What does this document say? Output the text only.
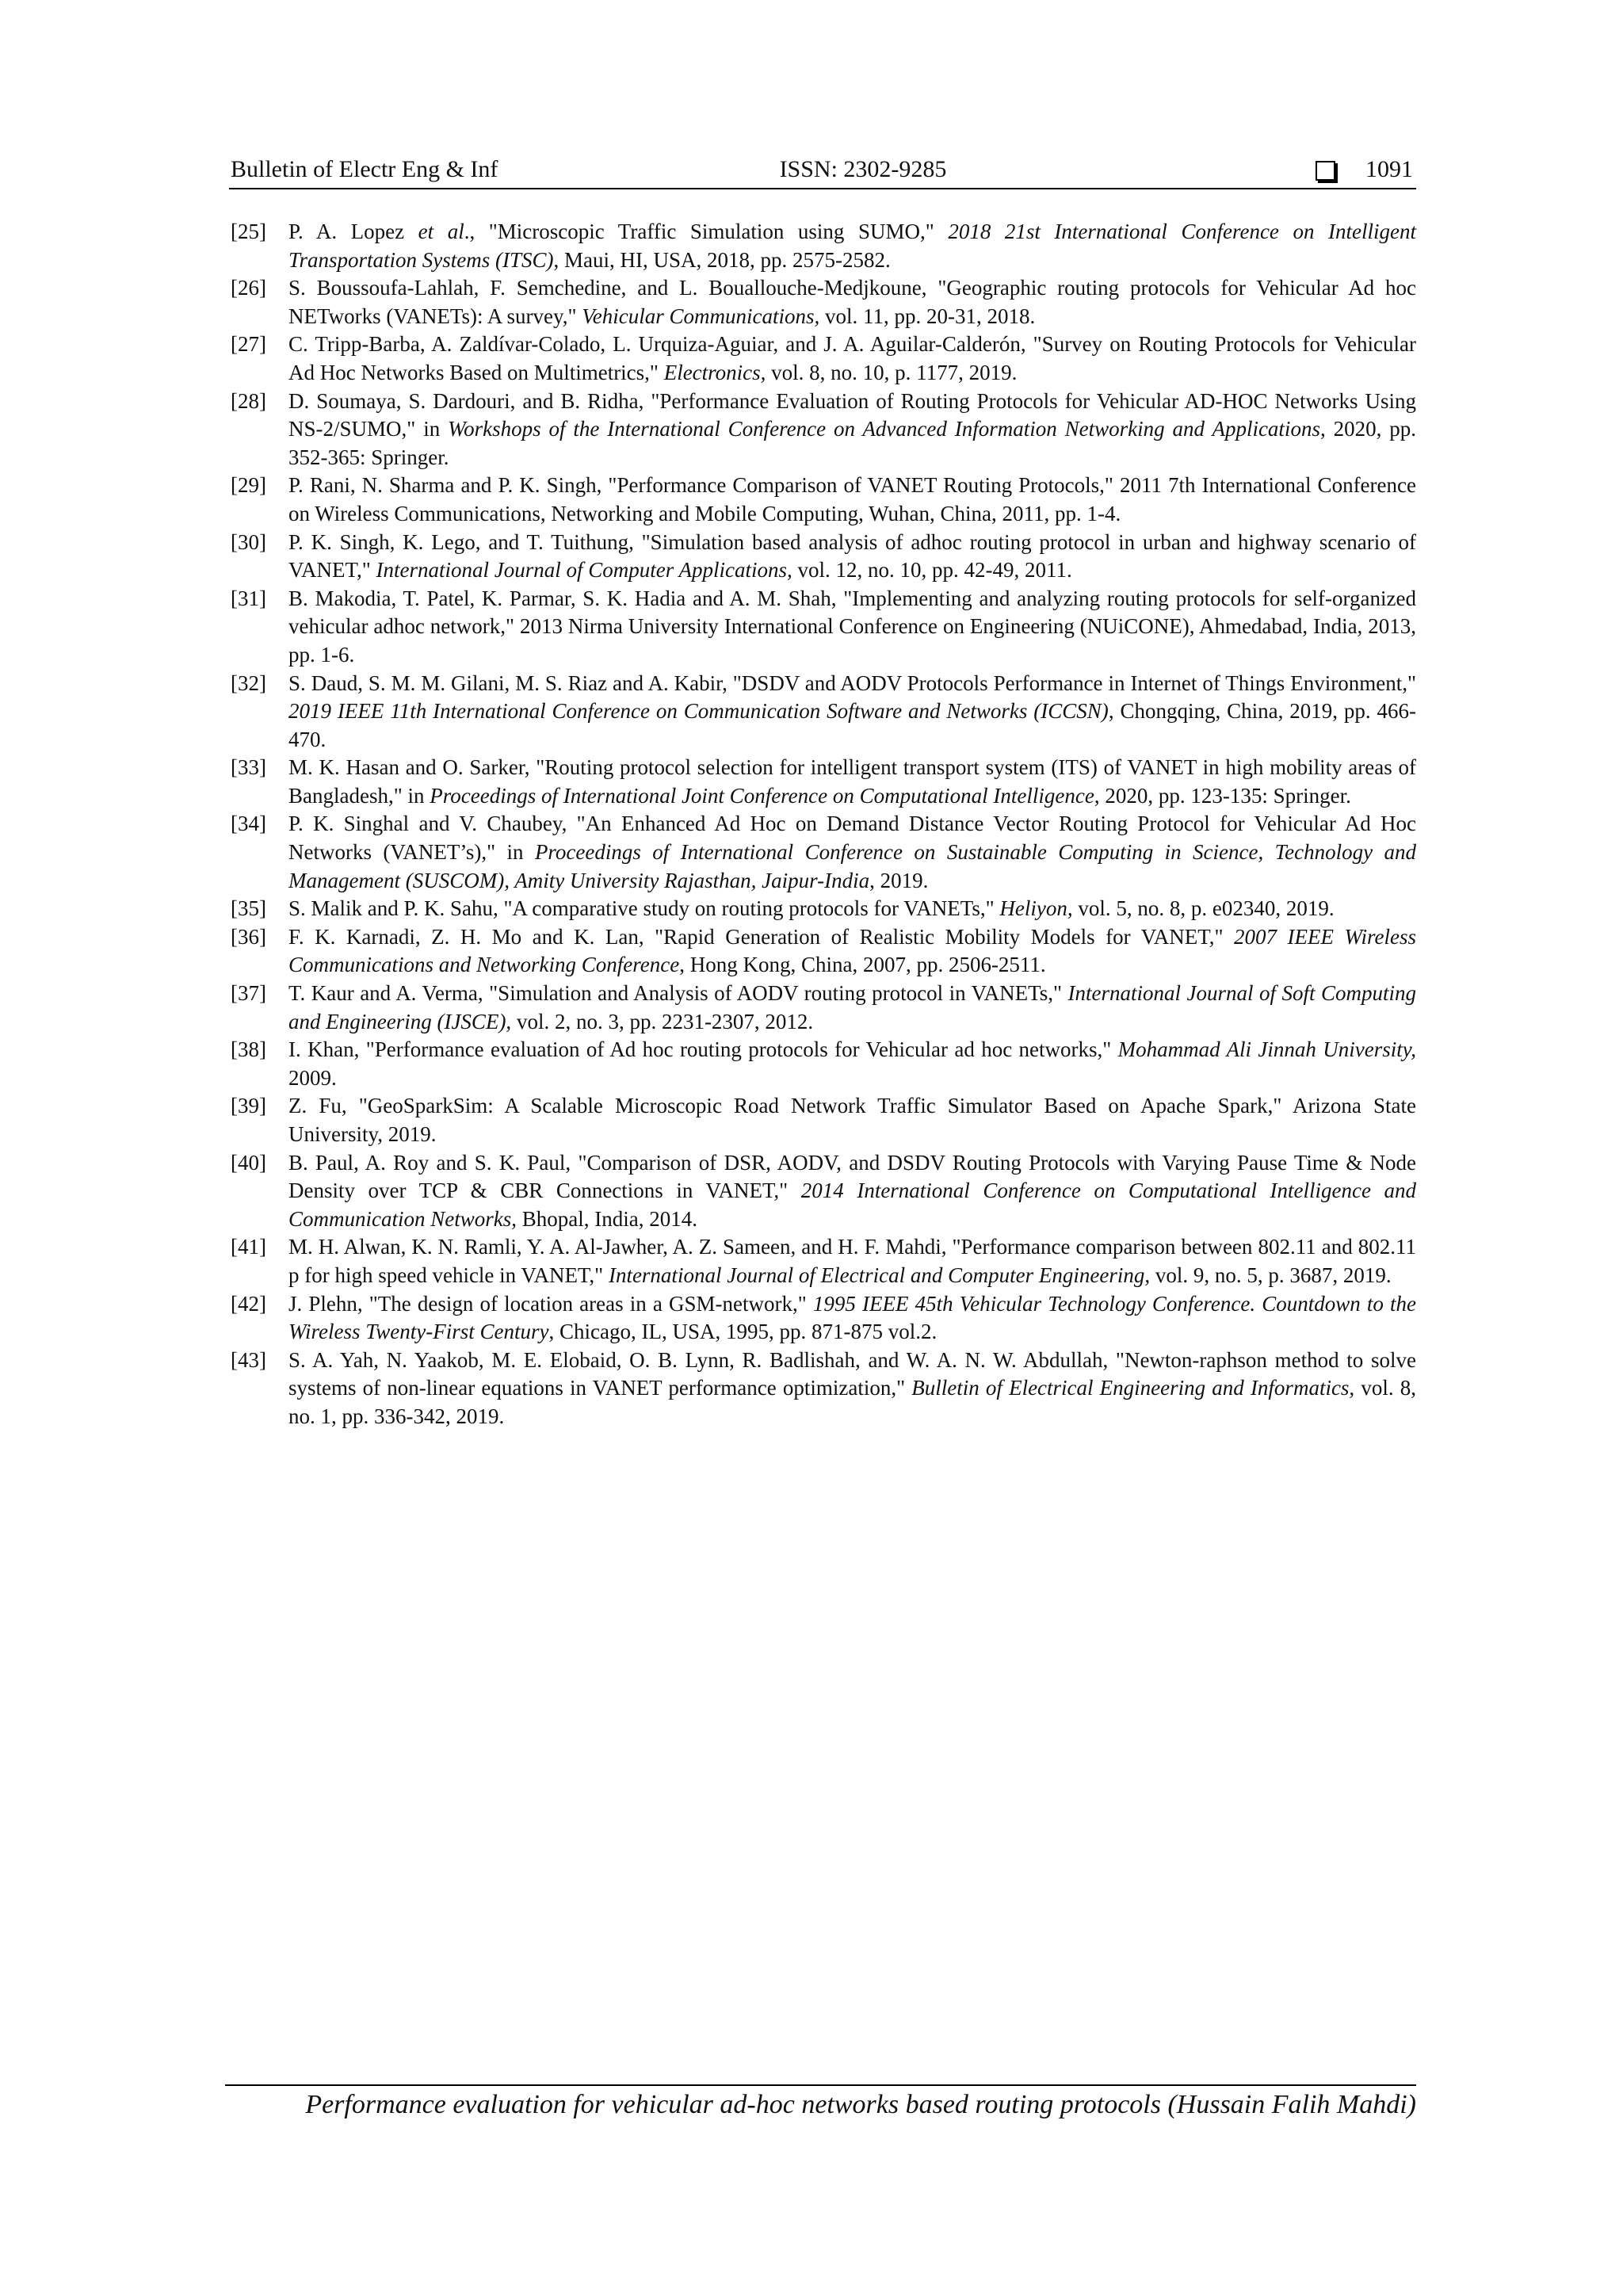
Bulletin of Electr Eng & Inf	ISSN: 2302-9285	1091
[25]	P. A. Lopez et al., "Microscopic Traffic Simulation using SUMO," 2018 21st International Conference on Intelligent Transportation Systems (ITSC), Maui, HI, USA, 2018, pp. 2575-2582.
[26]	S. Boussoufa-Lahlah, F. Semchedine, and L. Bouallouche-Medjkoune, "Geographic routing protocols for Vehicular Ad hoc NETworks (VANETs): A survey," Vehicular Communications, vol. 11, pp. 20-31, 2018.
[27]	C. Tripp-Barba, A. Zaldívar-Colado, L. Urquiza-Aguiar, and J. A. Aguilar-Calderón, "Survey on Routing Protocols for Vehicular Ad Hoc Networks Based on Multimetrics," Electronics, vol. 8, no. 10, p. 1177, 2019.
[28]	D. Soumaya, S. Dardouri, and B. Ridha, "Performance Evaluation of Routing Protocols for Vehicular AD-HOC Networks Using NS-2/SUMO," in Workshops of the International Conference on Advanced Information Networking and Applications, 2020, pp. 352-365: Springer.
[29]	P. Rani, N. Sharma and P. K. Singh, "Performance Comparison of VANET Routing Protocols," 2011 7th International Conference on Wireless Communications, Networking and Mobile Computing, Wuhan, China, 2011, pp. 1-4.
[30]	P. K. Singh, K. Lego, and T. Tuithung, "Simulation based analysis of adhoc routing protocol in urban and highway scenario of VANET," International Journal of Computer Applications, vol. 12, no. 10, pp. 42-49, 2011.
[31]	B. Makodia, T. Patel, K. Parmar, S. K. Hadia and A. M. Shah, "Implementing and analyzing routing protocols for self-organized vehicular adhoc network," 2013 Nirma University International Conference on Engineering (NUiCONE), Ahmedabad, India, 2013, pp. 1-6.
[32]	S. Daud, S. M. M. Gilani, M. S. Riaz and A. Kabir, "DSDV and AODV Protocols Performance in Internet of Things Environment," 2019 IEEE 11th International Conference on Communication Software and Networks (ICCSN), Chongqing, China, 2019, pp. 466-470.
[33]	M. K. Hasan and O. Sarker, "Routing protocol selection for intelligent transport system (ITS) of VANET in high mobility areas of Bangladesh," in Proceedings of International Joint Conference on Computational Intelligence, 2020, pp. 123-135: Springer.
[34]	P. K. Singhal and V. Chaubey, "An Enhanced Ad Hoc on Demand Distance Vector Routing Protocol for Vehicular Ad Hoc Networks (VANET’s)," in Proceedings of International Conference on Sustainable Computing in Science, Technology and Management (SUSCOM), Amity University Rajasthan, Jaipur-India, 2019.
[35]	S. Malik and P. K. Sahu, "A comparative study on routing protocols for VANETs," Heliyon, vol. 5, no. 8, p. e02340, 2019.
[36]	F. K. Karnadi, Z. H. Mo and K. Lan, "Rapid Generation of Realistic Mobility Models for VANET," 2007 IEEE Wireless Communications and Networking Conference, Hong Kong, China, 2007, pp. 2506-2511.
[37]	T. Kaur and A. Verma, "Simulation and Analysis of AODV routing protocol in VANETs," International Journal of Soft Computing and Engineering (IJSCE), vol. 2, no. 3, pp. 2231-2307, 2012.
[38]	I. Khan, "Performance evaluation of Ad hoc routing protocols for Vehicular ad hoc networks," Mohammad Ali Jinnah University, 2009.
[39]	Z. Fu, "GeoSparkSim: A Scalable Microscopic Road Network Traffic Simulator Based on Apache Spark," Arizona State University, 2019.
[40]	B. Paul, A. Roy and S. K. Paul, "Comparison of DSR, AODV, and DSDV Routing Protocols with Varying Pause Time & Node Density over TCP & CBR Connections in VANET," 2014 International Conference on Computational Intelligence and Communication Networks, Bhopal, India, 2014.
[41]	M. H. Alwan, K. N. Ramli, Y. A. Al-Jawher, A. Z. Sameen, and H. F. Mahdi, "Performance comparison between 802.11 and 802.11 p for high speed vehicle in VANET," International Journal of Electrical and Computer Engineering, vol. 9, no. 5, p. 3687, 2019.
[42]	J. Plehn, "The design of location areas in a GSM-network," 1995 IEEE 45th Vehicular Technology Conference. Countdown to the Wireless Twenty-First Century, Chicago, IL, USA, 1995, pp. 871-875 vol.2.
[43]	S. A. Yah, N. Yaakob, M. E. Elobaid, O. B. Lynn, R. Badlishah, and W. A. N. W. Abdullah, "Newton-raphson method to solve systems of non-linear equations in VANET performance optimization," Bulletin of Electrical Engineering and Informatics, vol. 8, no. 1, pp. 336-342, 2019.
Performance evaluation for vehicular ad-hoc networks based routing protocols (Hussain Falih Mahdi)
